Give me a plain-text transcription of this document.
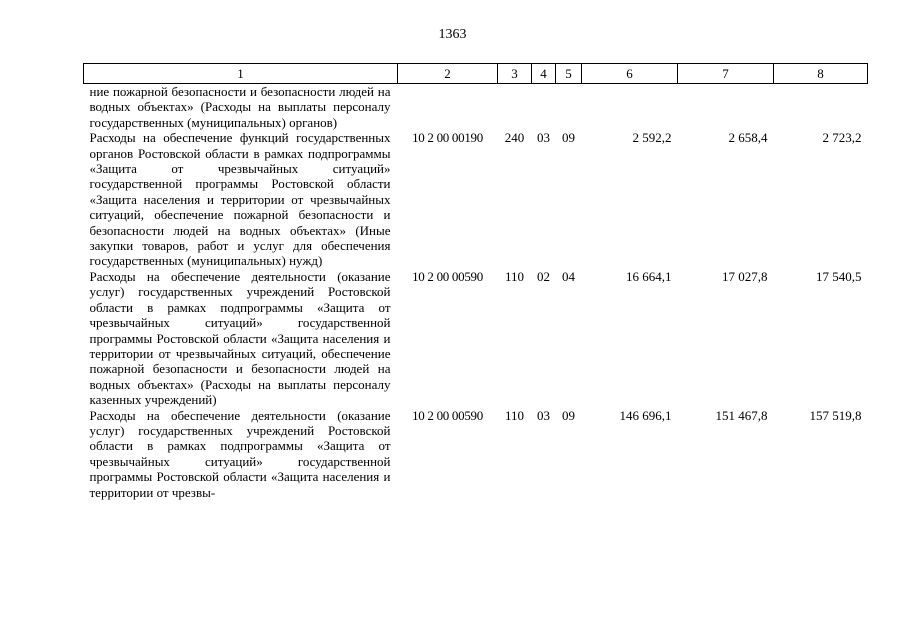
1363
1	2	3	4	5	6	7	8
ние пожарной безопасности и безопасности людей на водных объектах» (Расходы на выплаты персоналу государственных (муниципальных) органов)							
Расходы на обеспечение функций государственных органов Ростовской области в рамках подпрограммы «Защита от чрезвычайных ситуаций» государственной программы Ростовской области «Защита населения и территории от чрезвычайных ситуаций, обеспечение пожарной безопасности и безопасности людей на водных объектах» (Иные закупки товаров, работ и услуг для обеспечения государственных (муниципальных) нужд)	10 2 00 00190	240	03	09	2 592,2	2 658,4	2 723,2
Расходы на обеспечение деятельности (оказание услуг) государственных учреждений Ростовской области в рамках подпрограммы «Защита от чрезвычайных ситуаций» государственной программы Ростовской области «Защита населения и территории от чрезвычайных ситуаций, обеспечение пожарной безопасности и безопасности людей на водных объектах» (Расходы на выплаты персоналу казенных учреждений)	10 2 00 00590	110	02	04	16 664,1	17 027,8	17 540,5
Расходы на обеспечение деятельности (оказание услуг) государственных учреждений Ростовской области в рамках подпрограммы «Защита от чрезвычайных ситуаций» государственной программы Ростовской области «Защита населения и территории от чрезвы-	10 2 00 00590	110	03	09	146 696,1	151 467,8	157 519,8
